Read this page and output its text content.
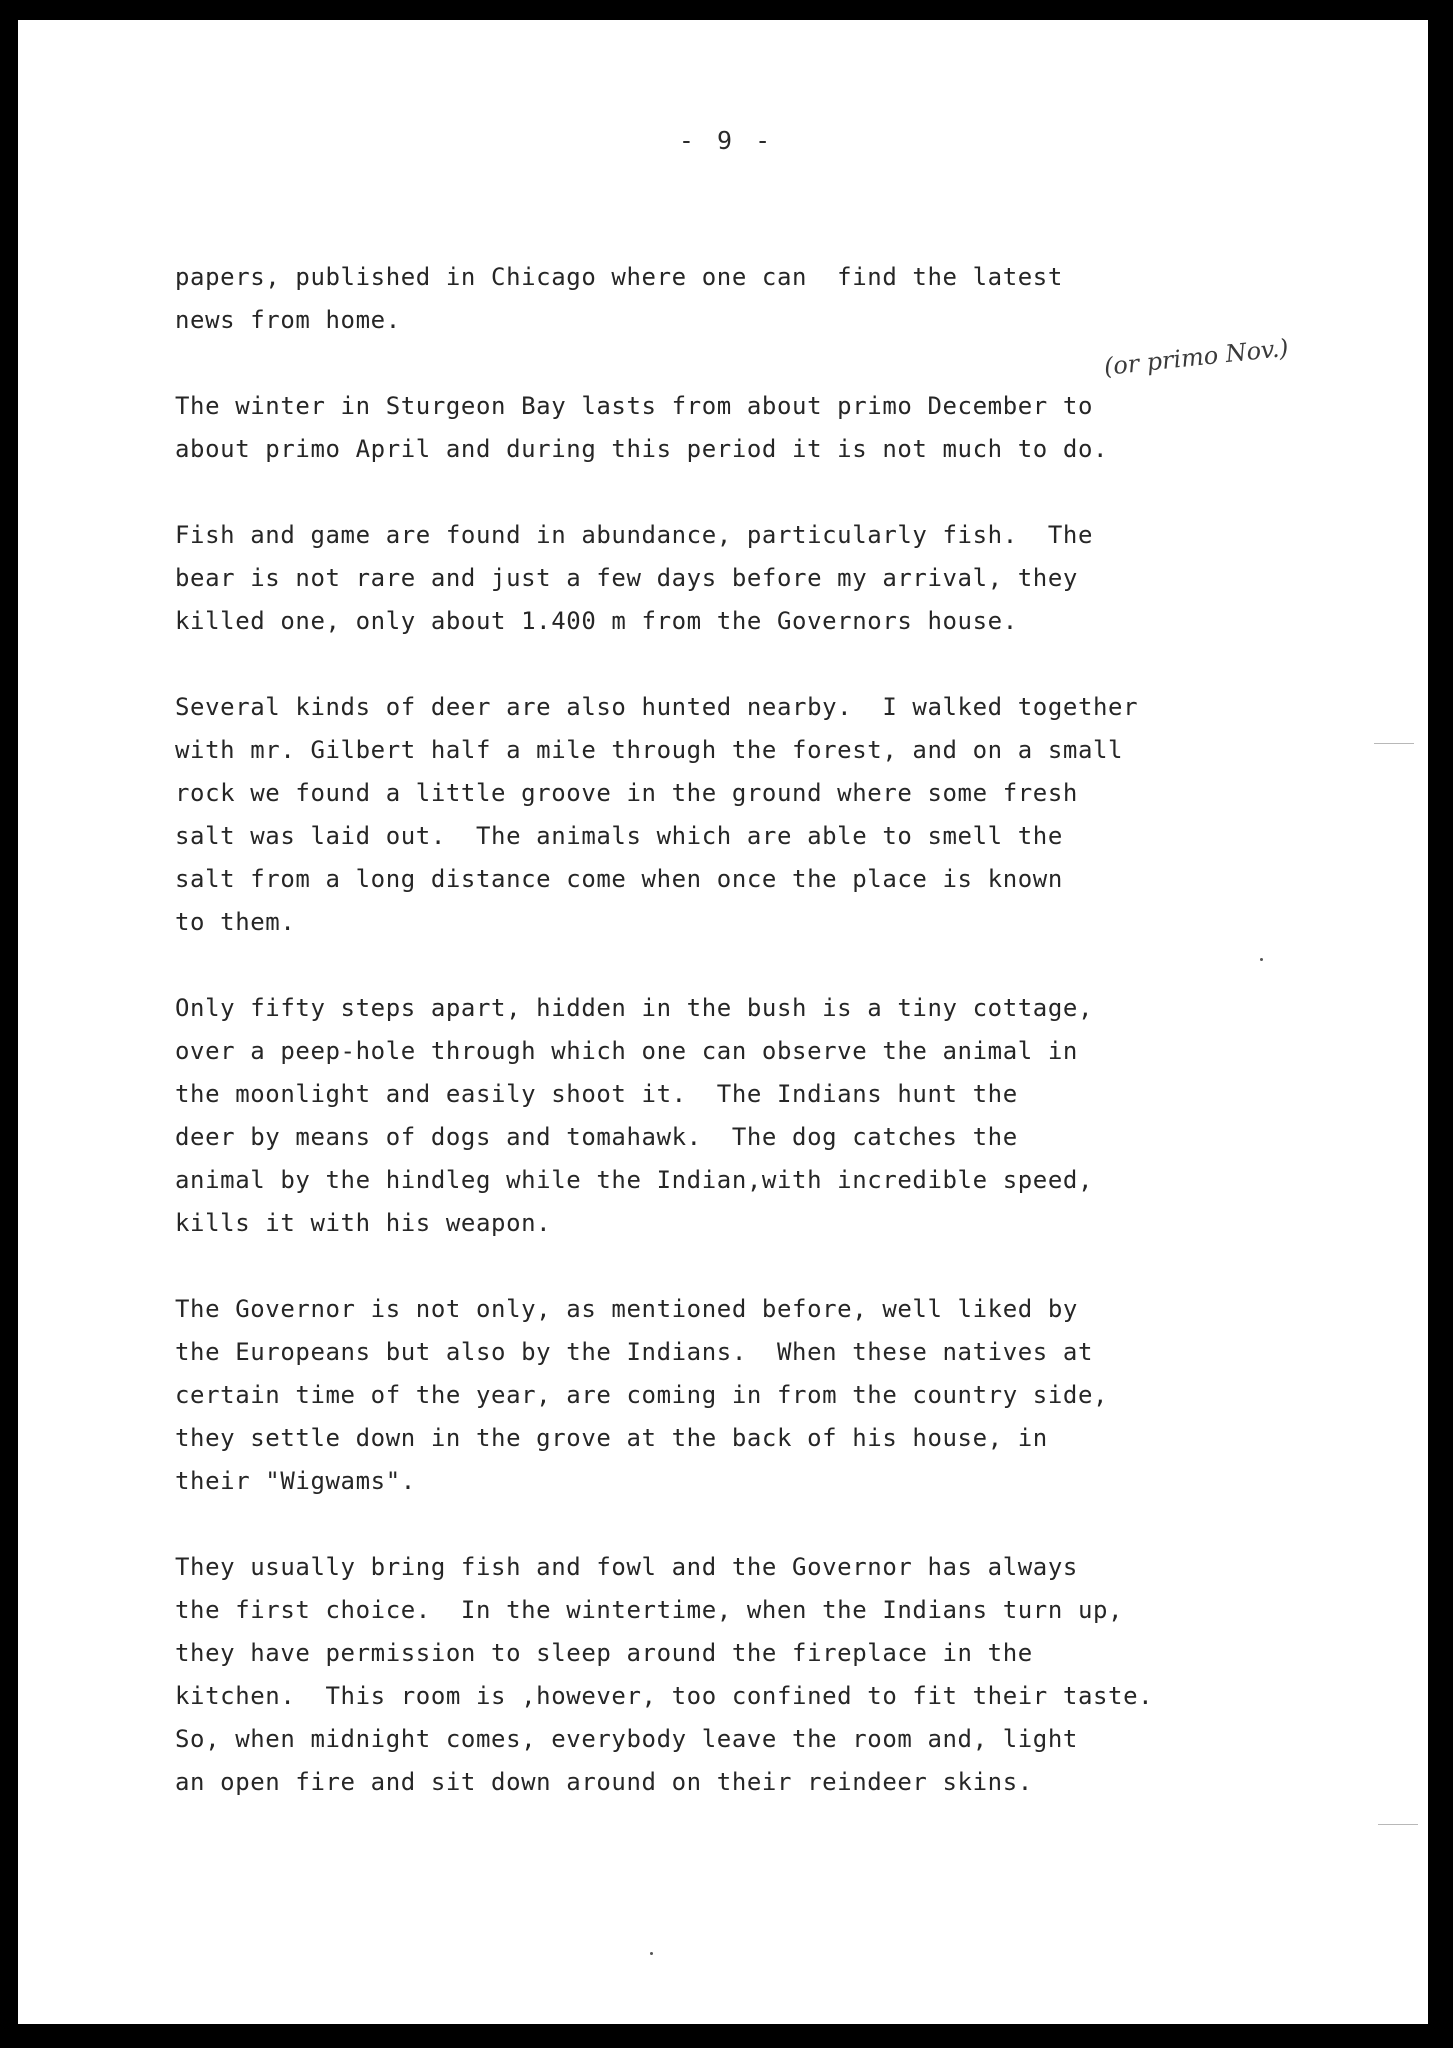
- 9 -
(or primo Nov.)
papers, published in Chicago where one can  find the latest
news from home.
The winter in Sturgeon Bay lasts from about primo December to
about primo April and during this period it is not much to do.
Fish and game are found in abundance, particularly fish.  The
bear is not rare and just a few days before my arrival, they
killed one, only about 1.400 m from the Governors house.
Several kinds of deer are also hunted nearby.  I walked together
with mr. Gilbert half a mile through the forest, and on a small
rock we found a little groove in the ground where some fresh
salt was laid out.  The animals which are able to smell the
salt from a long distance come when once the place is known
to them.
Only fifty steps apart, hidden in the bush is a tiny cottage,
over a peep-hole through which one can observe the animal in
the moonlight and easily shoot it.  The Indians hunt the
deer by means of dogs and tomahawk.  The dog catches the
animal by the hindleg while the Indian,with incredible speed,
kills it with his weapon.
The Governor is not only, as mentioned before, well liked by
the Europeans but also by the Indians.  When these natives at
certain time of the year, are coming in from the country side,
they settle down in the grove at the back of his house, in
their "Wigwams".
They usually bring fish and fowl and the Governor has always
the first choice.  In the wintertime, when the Indians turn up,
they have permission to sleep around the fireplace in the
kitchen.  This room is ,however, too confined to fit their taste.
So, when midnight comes, everybody leave the room and, light
an open fire and sit down around on their reindeer skins.
